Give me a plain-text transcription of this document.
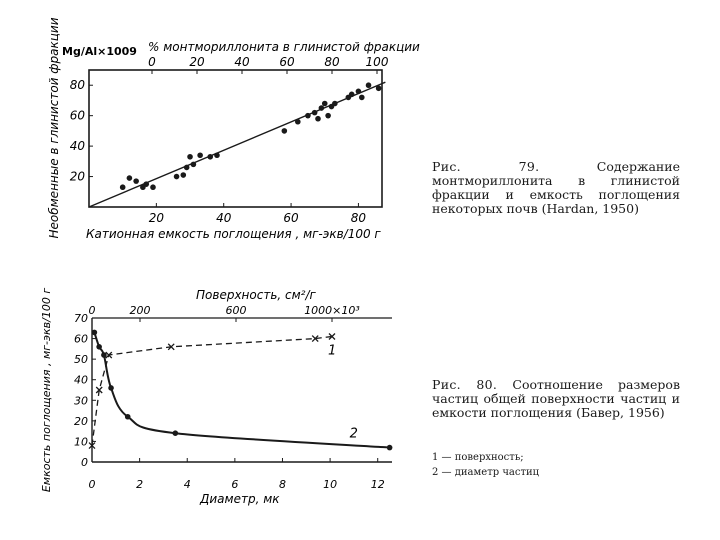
0	20 40 60 80 100
20
40
60
80
20	40	60	80
Mg/Al×1009 % монтмориллонита в глинистой фракции
Катионная емкость поглощения , мг-экв/100 г
Необменные в глинистой фракции
0
10
20
30
40
50
60
70
0	2	4	6	8	10	12
0	200	600	1000×10³
Поверхность, см²/г
Диаметр, мк
Емкость поглощения , мг-экв/100 г	1
2
Рис. 79.	Содержание монтмориллонита в глинистой фракции и емкость поглощения некоторых почв (Hardan, 1950)
Рис. 80. Соотношение размеров частиц общей поверхности частиц и емкости поглощения (Бавер, 1956)
1 — поверхность;
2 — диаметр частиц
